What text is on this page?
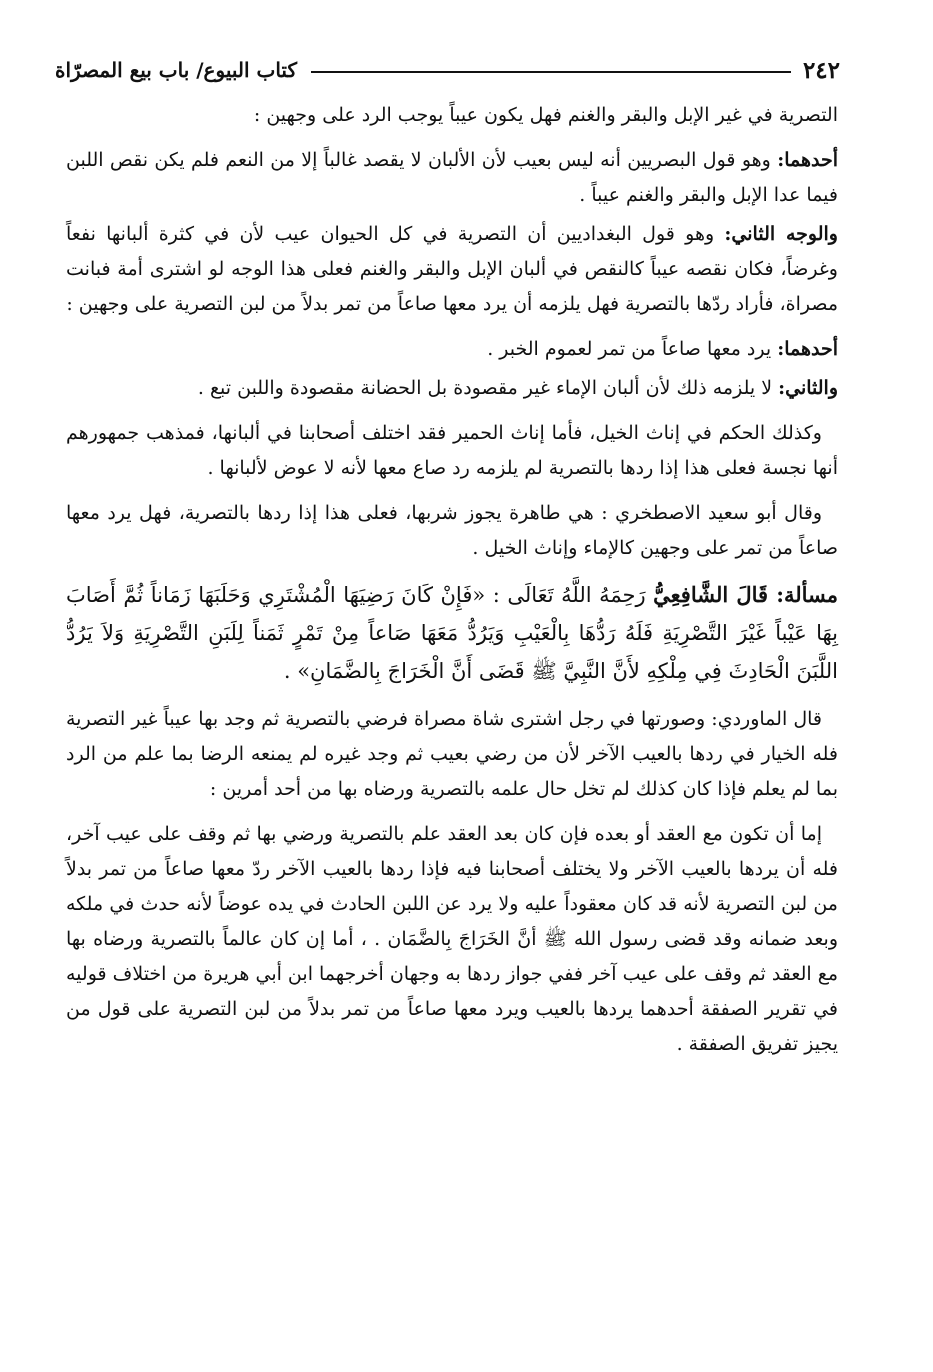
٢٤٢
كتاب البيوع/ باب بيع المصرّاة

التصرية في غير الإبل والبقر والغنم فهل يكون عيباً يوجب الرد على وجهين :

أحدهما: وهو قول البصريين أنه ليس بعيب لأن الألبان لا يقصد غالباً إلا من النعم فلم يكن نقص اللبن فيما عدا الإبل والبقر والغنم عيباً .

والوجه الثاني: وهو قول البغداديين أن التصرية في كل الحيوان عيب لأن في كثرة ألبانها نفعاً وغرضاً، فكان نقصه عيباً كالنقص في ألبان الإبل والبقر والغنم فعلى هذا الوجه لو اشترى أمة فبانت مصراة، فأراد ردّها بالتصرية فهل يلزمه أن يرد معها صاعاً من تمر بدلاً من لبن التصرية على وجهين :

أحدهما: يرد معها صاعاً من تمر لعموم الخبر .

والثاني: لا يلزمه ذلك لأن ألبان الإماء غير مقصودة بل الحضانة مقصودة واللبن تبع .

وكذلك الحكم في إناث الخيل، فأما إناث الحمير فقد اختلف أصحابنا في ألبانها، فمذهب جمهورهم أنها نجسة فعلى هذا إذا ردها بالتصرية لم يلزمه رد صاع معها لأنه لا عوض لألبانها .

وقال أبو سعيد الاصطخري : هي طاهرة يجوز شربها، فعلى هذا إذا ردها بالتصرية، فهل يرد معها صاعاً من تمر على وجهين كالإماء وإناث الخيل .

مسألة: قَالَ الشَّافِعِيُّ رَحِمَهُ اللَّهُ تَعَالَى : «فَإِنْ كَانَ رَضِيَهَا الْمُشْتَرِي وَحَلَبَهَا زَمَاناً ثُمَّ أَصَابَ بِهَا عَيْباً غَيْرَ التَّصْرِيَةِ فَلَهُ رَدُّهَا بِالْعَيْبِ وَيَرُدُّ مَعَهَا صَاعاً مِنْ تَمْرٍ ثَمَناً لِلَبَنِ التَّصْرِيَةِ وَلاَ يَرُدُّ اللَّبَنَ الْحَادِثَ فِي مِلْكِهِ لأَنَّ النَّبِيَّ ﷺ قَضَى أَنَّ الْخَرَاجَ بِالضَّمَانِ» .

قال الماوردي: وصورتها في رجل اشترى شاة مصراة فرضي بالتصرية ثم وجد بها عيباً غير التصرية فله الخيار في ردها بالعيب الآخر لأن من رضي بعيب ثم وجد غيره لم يمنعه الرضا بما علم من الرد بما لم يعلم فإذا كان كذلك لم تخل حال علمه بالتصرية ورضاه بها من أحد أمرين :

إما أن تكون مع العقد أو بعده فإن كان بعد العقد علم بالتصرية ورضي بها ثم وقف على عيب آخر، فله أن يردها بالعيب الآخر ولا يختلف أصحابنا فيه فإذا ردها بالعيب الآخر ردّ معها صاعاً من تمر بدلاً من لبن التصرية لأنه قد كان معقوداً عليه ولا يرد عن اللبن الحادث في يده عوضاً لأنه حدث في ملكه وبعد ضمانه وقد قضى رسول الله ﷺ أنَّ الخَرَاجَ بِالضَّمَان . ، أما إن كان عالماً بالتصرية ورضاه بها مع العقد ثم وقف على عيب آخر ففي جواز ردها به وجهان أخرجهما ابن أبي هريرة من اختلاف قوليه في تقرير الصفقة أحدهما يردها بالعيب ويرد معها صاعاً من تمر بدلاً من لبن التصرية على قول من يجيز تفريق الصفقة .
